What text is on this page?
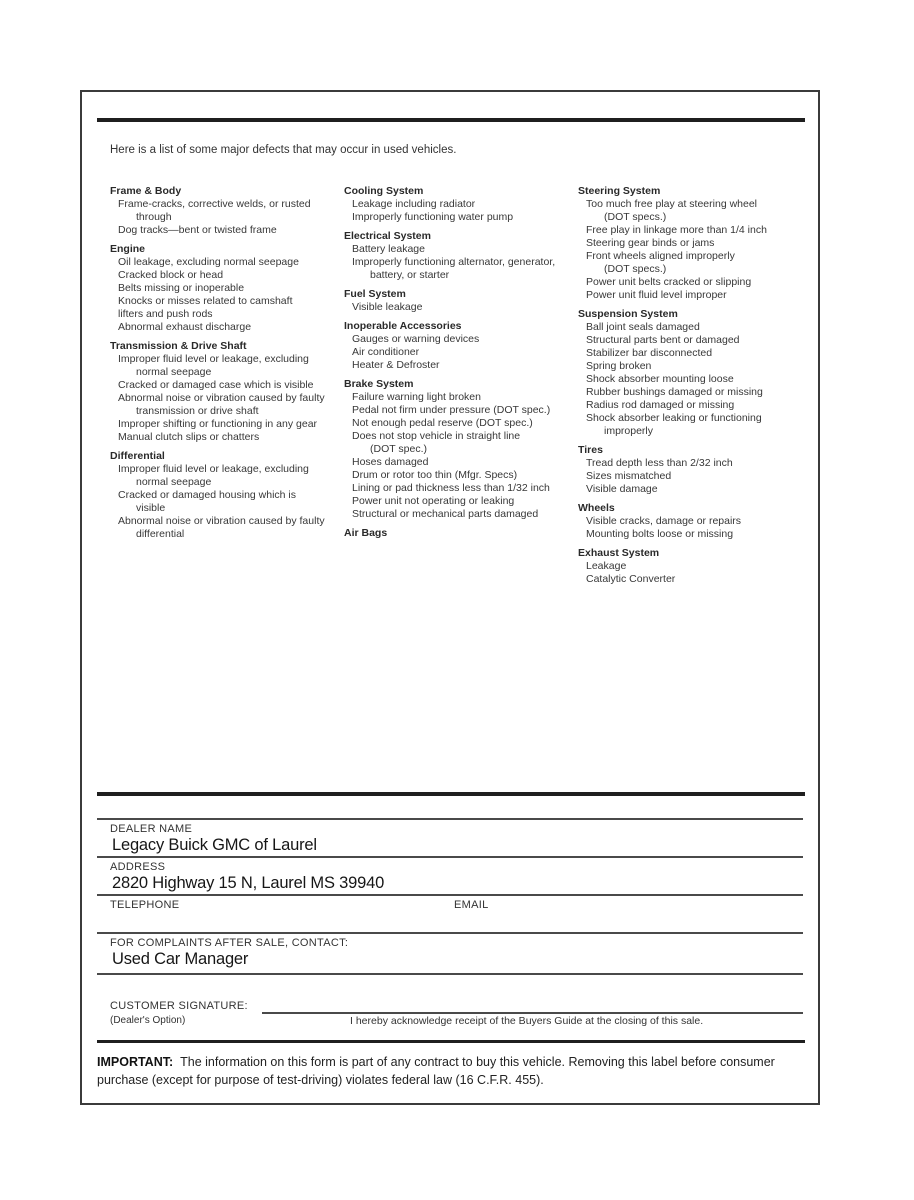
Here is a list of some major defects that may occur in used vehicles.
Frame & Body
Frame-cracks, corrective welds, or rusted
through
Dog tracks—bent or twisted frame
Engine
Oil leakage, excluding normal seepage
Cracked block or head
Belts missing or inoperable
Knocks or misses related to camshaft
lifters and push rods
Abnormal exhaust discharge
Transmission & Drive Shaft
Improper fluid level or leakage, excluding
normal seepage
Cracked or damaged case which is visible
Abnormal noise or vibration caused by faulty
transmission or drive shaft
Improper shifting or functioning in any gear
Manual clutch slips or chatters
Differential
Improper fluid level or leakage, excluding
normal seepage
Cracked or damaged housing which is
visible
Abnormal noise or vibration caused by faulty
differential
Cooling System
Leakage including radiator
Improperly functioning water pump
Electrical System
Battery leakage
Improperly functioning alternator, generator,
battery, or starter
Fuel System
Visible leakage
Inoperable Accessories
Gauges or warning devices
Air conditioner
Heater & Defroster
Brake System
Failure warning light broken
Pedal not firm under pressure (DOT spec.)
Not enough pedal reserve (DOT spec.)
Does not stop vehicle in straight line
(DOT spec.)
Hoses damaged
Drum or rotor too thin (Mfgr. Specs)
Lining or pad thickness less than 1/32 inch
Power unit not operating or leaking
Structural or mechanical parts damaged
Air Bags
Steering System
Too much free play at steering wheel
(DOT specs.)
Free play in linkage more than 1/4 inch
Steering gear binds or jams
Front wheels aligned improperly
(DOT specs.)
Power unit belts cracked or slipping
Power unit fluid level improper
Suspension System
Ball joint seals damaged
Structural parts bent or damaged
Stabilizer bar disconnected
Spring broken
Shock absorber mounting loose
Rubber bushings damaged or missing
Radius rod damaged or missing
Shock absorber leaking or functioning
improperly
Tires
Tread depth less than 2/32 inch
Sizes mismatched
Visible damage
Wheels
Visible cracks, damage or repairs
Mounting bolts loose or missing
Exhaust System
Leakage
Catalytic Converter
DEALER NAME
Legacy Buick GMC of Laurel
ADDRESS
2820 Highway 15 N, Laurel MS 39940
TELEPHONE	EMAIL
FOR COMPLAINTS AFTER SALE, CONTACT:
Used Car Manager
CUSTOMER SIGNATURE:
(Dealer's Option)	I hereby acknowledge receipt of the Buyers Guide at the closing of this sale.

IMPORTANT: The information on this form is part of any contract to buy this vehicle. Removing this label before consumer purchase (except for purpose of test-driving) violates federal law (16 C.F.R. 455).
